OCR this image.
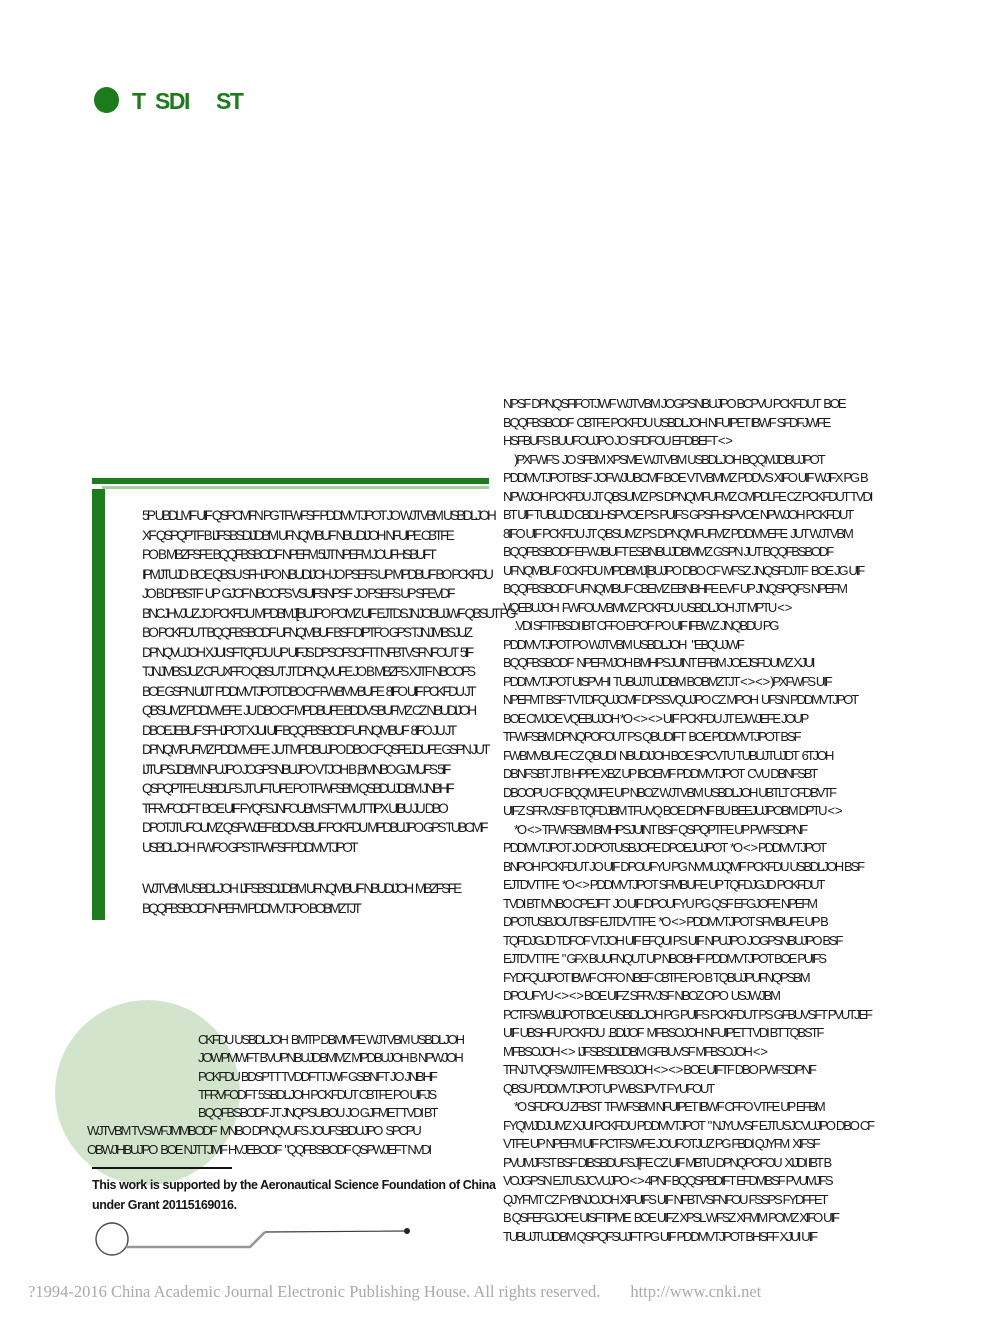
T SDI ST
5P UBDLMF UIF QSPCMFN PG TFWFSF PDDMVTJPOT JO WJTVBM USBDLJOH
XF QSPQPTF B IJFSBSDIJDBM UFNQMBUF NBUDIJOH NFUIPE CBTFE
PO B MBZFSFE BQQFBSBODF NPEFM 5IJT NPEFM JOUFHSBUFT
IPMJTUJD  BOE QBSU SFHJPO NBUDIJOH JO PSEFS UP MPDBUF BO PCKFDU
JO B DPBSTF  UP  GJOF NBOOFS 'VSUIFSNPSF  JO PSEFS UP SFEVDF
BNCJHVJUZ JO PCKFDU MPDBMJ[BUJPO POMZ UIF EJTDSJNJOBUJWF QBSUT PG
BO PCKFDU T BQQFBSBODF UFNQMBUF BSF DIPTFO GPS TJNJMBSJUZ
DPNQVUJOH XJUI SFTQFDU UP UIFJS DPSOFSOFTT NFBTVSFNFOUT  5IF
TJNJMBSJUZ CFUXFFO QBSUT JT DPNQVUFE JO B MBZFS XJTF NBOOFS
BOE GSPN UIJT  PDDMVTJPOT DBO CF FWBMVBUFE  8IFO UIF PCKFDU JT
QBSUMZ PDDMVEFE  JU DBO CF MPDBUFE BDDVSBUFMZ CZ NBUDIJOH
DBOEJEBUF SFHJPOT XJUI UIF BQQFBSBODF UFNQMBUF  8IFO JU JT
DPNQMFUFMZ PDDMVEFE  JUT MPDBUJPO DBO CF QSFEJDUFE GSPN JUT
IJTUPSJDBM NPUJPO JOGPSNBUJPO VTJOH B ,BMNBO GJMUFS 5IF
QSPQPTFE USBDLFS JT UFTUFE PO TFWFSBM QSBDUJDBM JNBHF
TFRVFODFT  BOE UIF FYQFSJNFOUBM SFTVMUT TIPX UIBU JU DBO
DPOTJTUFOUMZ QSPWJEF BDDVSBUF PCKFDU MPDBUJPO GPS TUBCMF
USBDLJOH  FWFO GPS TFWFSF PDDMVTJPOT
WJTVBM USBDLJOH  IJFSBSDIJDBM UFNQMBUF NBUDIJOH  MBZFSFE
BQQFBSBODF NPEFM PDDMVTJPO BOBMZTJT
CKFDU USBDLJOH  BMTP DBMMFE WJTVBM USBDLJOH
JOWPMWFT BVUPNBUJDBMMZ MPDBUJOH B NPWJOH
PCKFDU BDSPTT TVDDFTTJWF GSBNFT JO JNBHF
TFRVFODFT 5SBDLJOH PCKFDUT CBTFE PO UIFJS
BQQFBSBODF JT JNQPSUBOU JO GJFMET TVDI BT
WJTVBM TVSWFJMMBODF  IVNBO DPNQVUFS JOUFSBDUJPO  SPCPU
OBWJHBUJPO  BOE NJTTJMF HVJEBODF  "QQFBSBODF QSPWJEFT NVDI
This work is supported by the Aeronautical Science Foundation of China
under Grant 20115169016.
NPSF DPNQSFIFOTJWF WJTVBM JOGPSNBUJPO BCPVU PCKFDUT  BOE
BQQFBSBODF  CBTFE PCKFDU USBDLJOH NFUIPET IBWF SFDFJWFE
HSFBUFS BUUFOUJPO JO SFDFOU EFDBEFT < >
)PXFWFS  JO SFBM XPSME WJTVBM USBDLJOH BQQMJDBUJPOT
PDDMVTJPOT BSF JOFWJUBCMF BOE VTVBMMZ PDDVS XIFO UIF WJFX PG B
NPWJOH PCKFDU JT QBSUMZ PS DPNQMFUFMZ CMPDLFE CZ PCKFDUT TVDI
BT UIF TUBUJD CBDLHSPVOE PS PUIFS GPSFHSPVOE NPWJOH PCKFDUT
8IFO UIF PCKFDU JT QBSUMZ PS DPNQMFUFMZ PDDMVEFE  JUT WJTVBM
BQQFBSBODF EFWJBUFT ESBNBUJDBMMZ GSPN JUT BQQFBSBODF
UFNQMBUF 0CKFDU MPDBMJ[BUJPO DBO CF WFSZ JNQSFDJTF  BOE JG UIF
BQQFBSBODF UFNQMBUF CBEMZ EBNBHFE EVF UP JNQSPQFS NPEFM
VQEBUJOH  FWFOUVBMMZ PCKFDU USBDLJOH JT MPTU < >
.VDI SFTFBSDI IBT CFFO EPOF PO UIF IFBWZ JNQBDU PG
PDDMVTJPOT PO WJTVBM USBDLJOH   "EBQUJWF
BQQFBSBODF  NPEFMJOH BMHPSJUINT EFBM JOEJSFDUMZ XJUI
PDDMVTJPOT UISPVHI  TUBUJTUJDBM BOBMZTJT < > < > )PXFWFS UIF
NPEFMT BSF TVTDFQUJCMF DPSSVQUJPO CZ MPOH  UFSN PDDMVTJPOT
BOE CMJOE VQEBUJOH *O < > < > UIF PCKFDU JT EJWJEFE JOUP
TFWFSBM DPNQPOFOUT PS QBUDIFT  BOE PDDMVTJPOT BSF
FWBMVBUFE CZ QBUDI  NBUDIJOH BOE SPCVTU TUBUJTUJDT  6TJOH
DBNFSBT JT B HPPE XBZ UP IBOEMF PDDMVTJPOT  CVU DBNFSBT
DBOOPU CF BQQMJFE UP NBOZ WJTVBM USBDLJOH UBTLT CFDBVTF
UIFZ SFRVJSF B TQFDJBM TFUVQ BOE DPNF BU BEEJUJPOBM DPTU < >
*O < > TFWFSBM BMHPSJUINT BSF QSPQPTFE UP PWFSDPNF
PDDMVTJPOT JO DPOTUSBJOFE DPOEJUJPOT  *O < > PDDMVTJPOT
BNPOH PCKFDUT JO UIF DPOUFYU PG NVMUJQMF PCKFDU USBDLJOH BSF
EJTDVTTFE  *O < > PDDMVTJPOT SFMBUFE UP TQFDJGJD PCKFDUT
TVDI BT IVNBO CPEJFT  JO UIF DPOUFYU PG QSF EFGJOFE NPEFM
DPOTUSBJOUT BSF EJTDVTTFE  *O < > PDDMVTJPOT SFMBUFE UP B
TQFDJGJD TDFOF VTJOH UIF EFQUI PS UIF NPUJPO JOGPSNBUJPO BSF
EJTDVTTFE  " GFX BUUFNQUT UP NBOBHF PDDMVTJPOT BOE PUIFS
FYDFQUJPOT IBWF CFFO NBEF CBTFE PO B TQBUJPUFNQPSBM
DPOUFYU < > < > BOE UIFZ SFRVJSF NBOZ OPO  USJWJBM
PCTFSWBUJPOT BOE USBDLJOH PG PUIFS PCKFDUT PS GFBUVSFT PVUTJEF
UIF UBSHFU PCKFDU  .BDIJOF  MFBSOJOH NFUIPET TVDI BT TQBSTF
MFBSOJOH < >  IJFSBSDIJDBM GFBUVSF MFBSOJOH < >
TFNJ TVQFSWJTFE MFBSOJOH < > < > BOE UIFTF DBO PWFSDPNF
QBSU PDDMVTJPOT UP WBSJPVT FYUFOUT
*O SFDFOU ZFBST  TFWFSBM NFUIPET IBWF CFFO VTFE UP EFBM
FYQMJDJUMZ XJUI PCKFDU PDDMVTJPOT  " NJYUVSF EJTUSJCVUJPO DBO CF
VTFE UP NPEFM UIF PCTFSWFE JOUFOTJUZ PG FBDI QJYFM  XIFSF
PVUMJFST BSF DIBSBDUFSJ[FE CZ UIF MBTU DPNQPOFOU  XIJDI IBT B
VOJGPSN EJTUSJCVUJPO < > 4PNF BQQSPBDIFT EFDMBSF PVUMJFS
QJYFMT CZ FYBNJOJOH XIFUIFS UIF NFBTVSFNFOU FSSPS FYDFFET
B QSFEFGJOFE UISFTIPME  BOE UIFZ XPSL WFSZ XFMM POMZ XIFO UIF
TUBUJTUJDBM QSPQFSUJFT PG UIF PDDMVTJPOT BHSFF XJUI UIF
?1994-2016 China Academic Journal Electronic Publishing House. All rights reserved. http://www.cnki.net
